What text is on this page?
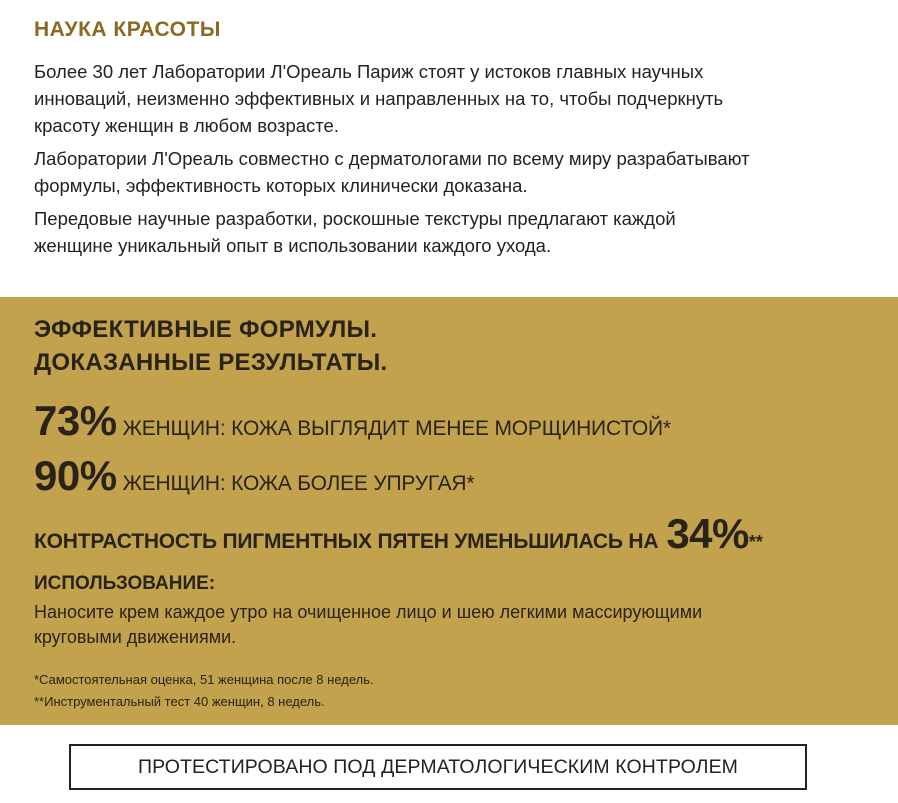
НАУКА КРАСОТЫ

Более 30 лет Лаборатории Л'Ореаль Париж стоят у истоков главных научных
инноваций, неизменно эффективных и направленных на то, чтобы подчеркнуть
красоту женщин в любом возрасте.

Лаборатории Л'Ореаль совместно с дерматологами по всему миру разрабатывают
формулы, эффективность которых клинически доказана.

Передовые научные разработки, роскошные текстуры предлагают каждой
женщине уникальный опыт в использовании каждого ухода.

ЭФФЕКТИВНЫЕ ФОРМУЛЫ.
ДОКАЗАННЫЕ РЕЗУЛЬТАТЫ.
73% ЖЕНЩИН: КОЖА ВЫГЛЯДИТ МЕНЕЕ МОРЩИНИСТОЙ*
90% ЖЕНЩИН: КОЖА БОЛЕЕ УПРУГАЯ*
КОНТРАСТНОСТЬ ПИГМЕНТНЫХ ПЯТЕН УМЕНЬШИЛАСЬ НА 34% **
ИСПОЛЬЗОВАНИЕ:
Наносите крем каждое утро на очищенное лицо и шею легкими массирующими
круговыми движениями.
*Самостоятельная оценка, 51 женщина после 8 недель.
**Инструментальный тест 40 женщин, 8 недель.
ПРОТЕСТИРОВАНО ПОД ДЕРМАТОЛОГИЧЕСКИМ КОНТРОЛЕМ
